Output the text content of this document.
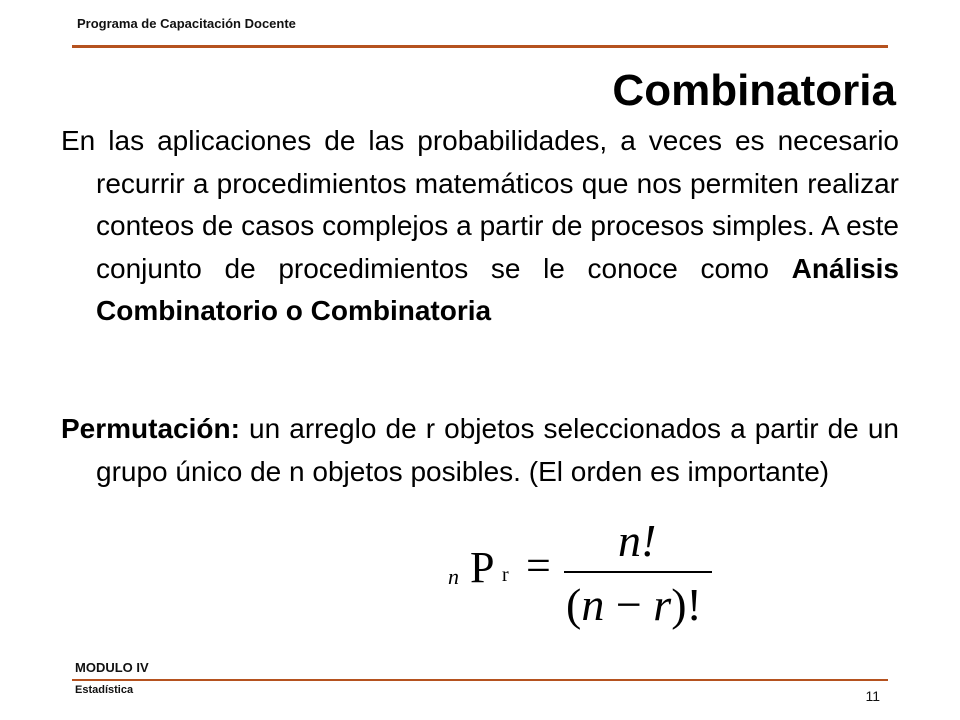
Programa de Capacitación Docente
Combinatoria
En las aplicaciones de las probabilidades, a veces es necesario recurrir a procedimientos matemáticos que nos permiten realizar conteos de casos complejos a partir de procesos simples. A este conjunto de procedimientos se le conoce como Análisis Combinatorio o Combinatoria
Permutación: un arreglo de r objetos seleccionados a partir de un grupo único de n objetos posibles. (El orden es importante)
n P r = n!
(n − r)!
MODULO IV
Estadística	11
